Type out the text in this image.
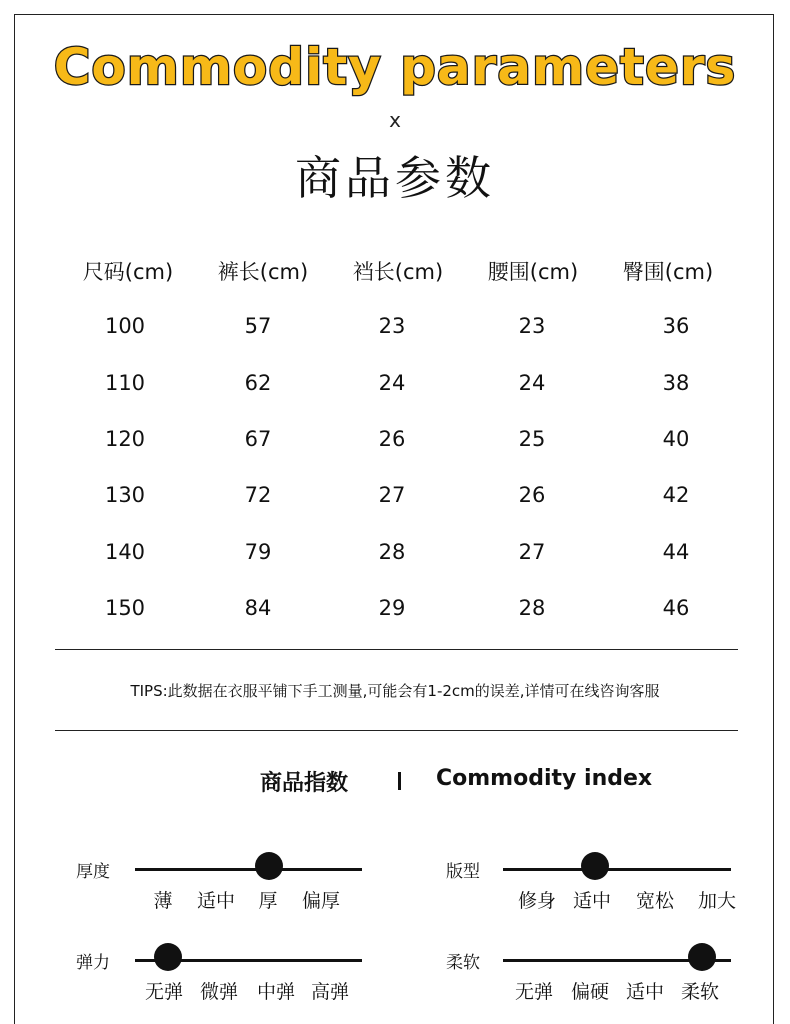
Commodity parameters
x
商品参数
尺码(cm)	裤长(cm)	裆长(cm)	腰围(cm)	臀围(cm)
100	57	23	23	36
110	62	24	24	38
120	67	26	25	40
130	72	27	26	42
140	79	28	27	44
150	84	29	28	46
TIPS:此数据在衣服平铺下手工测量,可能会有1-2cm的误差,详情可在线咨询客服
商品指数	Commodity index
厚度
薄 适中 厚 偏厚
版型
修身 适中 宽松 加大
弹力
无弹 微弹 中弹 高弹
柔软
无弹 偏硬 适中 柔软
